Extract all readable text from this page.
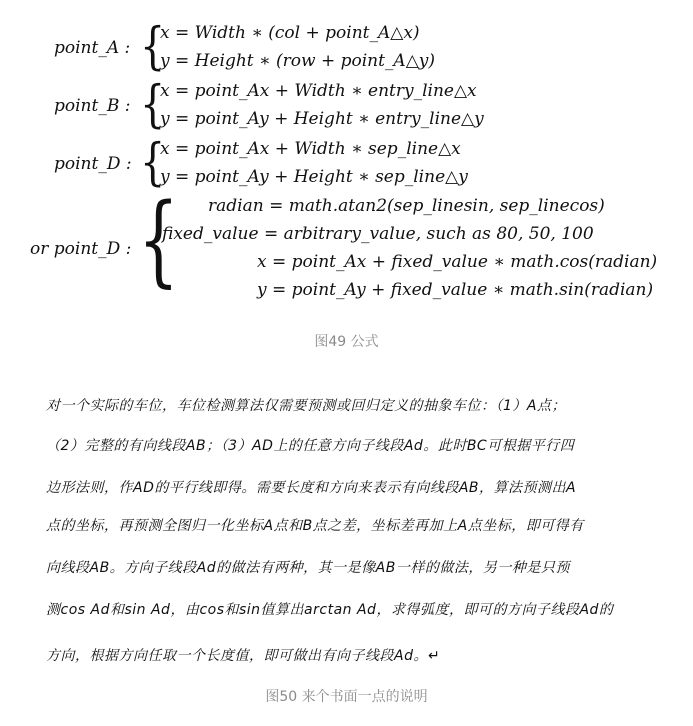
point_A : {
x = Width ∗ (col + point_A△x)
y = Height ∗ (row + point_A△y)
point_B : {
x = point_Ax + Width ∗ entry_line△x
y = point_Ay + Height ∗ entry_line△y
point_D : {
x = point_Ax + Width ∗ sep_line△x
y = point_Ay + Height ∗ sep_line△y
or point_D : { radian = math.atan2(sep_linesin, sep_linecos)
fixed_value = arbitrary_value, such as 80, 50, 100
x = point_Ax + fixed_value ∗ math.cos(radian)
y = point_Ay + fixed_value ∗ math.sin(radian)
图49 公式
对一个实际的车位，车位检测算法仅需要预测或回归定义的抽象车位：（1）A点；
（2）完整的有向线段AB；（3）AD上的任意方向子线段Ad。此时BC可根据平行四
边形法则，作AD的平行线即得。需要长度和方向来表示有向线段AB，算法预测出A
点的坐标，再预测全图归一化坐标A点和B点之差，坐标差再加上A点坐标，即可得有
向线段AB。方向子线段Ad的做法有两种，其一是像AB一样的做法，另一种是只预
测cos Ad和sin Ad，由cos和sin值算出arctan Ad，求得弧度，即可的方向子线段Ad的
方向，根据方向任取一个长度值，即可做出有向子线段Ad。↵
图50 来个书面一点的说明
